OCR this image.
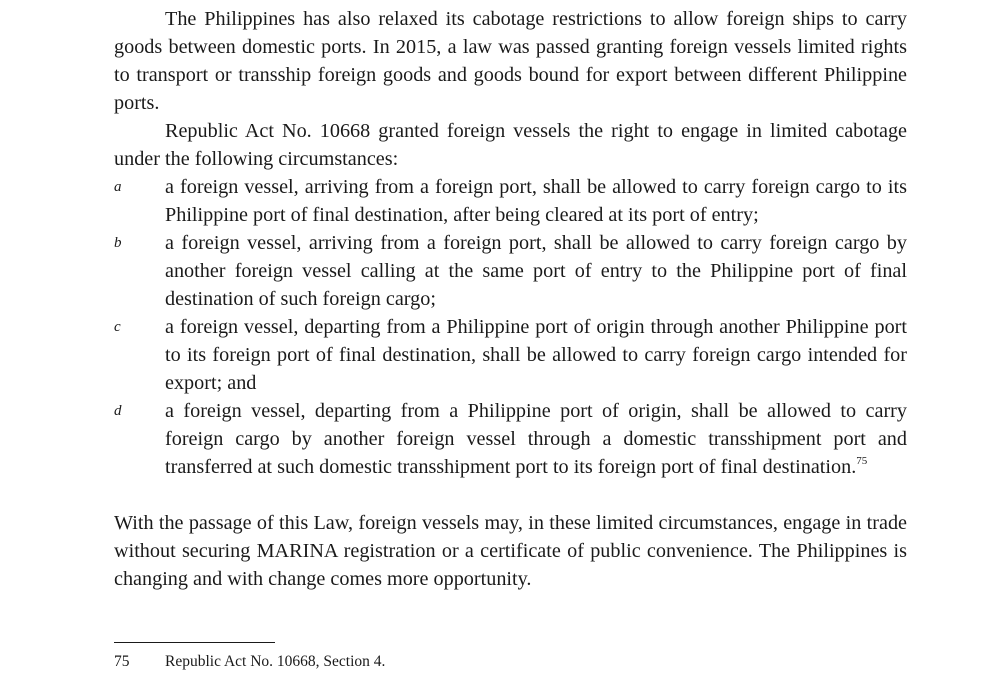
The Philippines has also relaxed its cabotage restrictions to allow foreign ships to carry goods between domestic ports. In 2015, a law was passed granting foreign vessels limited rights to transport or transship foreign goods and goods bound for export between different Philippine ports.

Republic Act No. 10668 granted foreign vessels the right to engage in limited cabotage under the following circumstances:

a a foreign vessel, arriving from a foreign port, shall be allowed to carry foreign cargo to its Philippine port of final destination, after being cleared at its port of entry;
b a foreign vessel, arriving from a foreign port, shall be allowed to carry foreign cargo by another foreign vessel calling at the same port of entry to the Philippine port of final destination of such foreign cargo;
c a foreign vessel, departing from a Philippine port of origin through another Philippine port to its foreign port of final destination, shall be allowed to carry foreign cargo intended for export; and
d a foreign vessel, departing from a Philippine port of origin, shall be allowed to carry foreign cargo by another foreign vessel through a domestic transshipment port and transferred at such domestic transshipment port to its foreign port of final destination.$^{75}$

With the passage of this Law, foreign vessels may, in these limited circumstances, engage in trade without securing MARINA registration or a certificate of public convenience. The Philippines is changing and with change comes more opportunity.

75 Republic Act No. 10668, Section 4.
